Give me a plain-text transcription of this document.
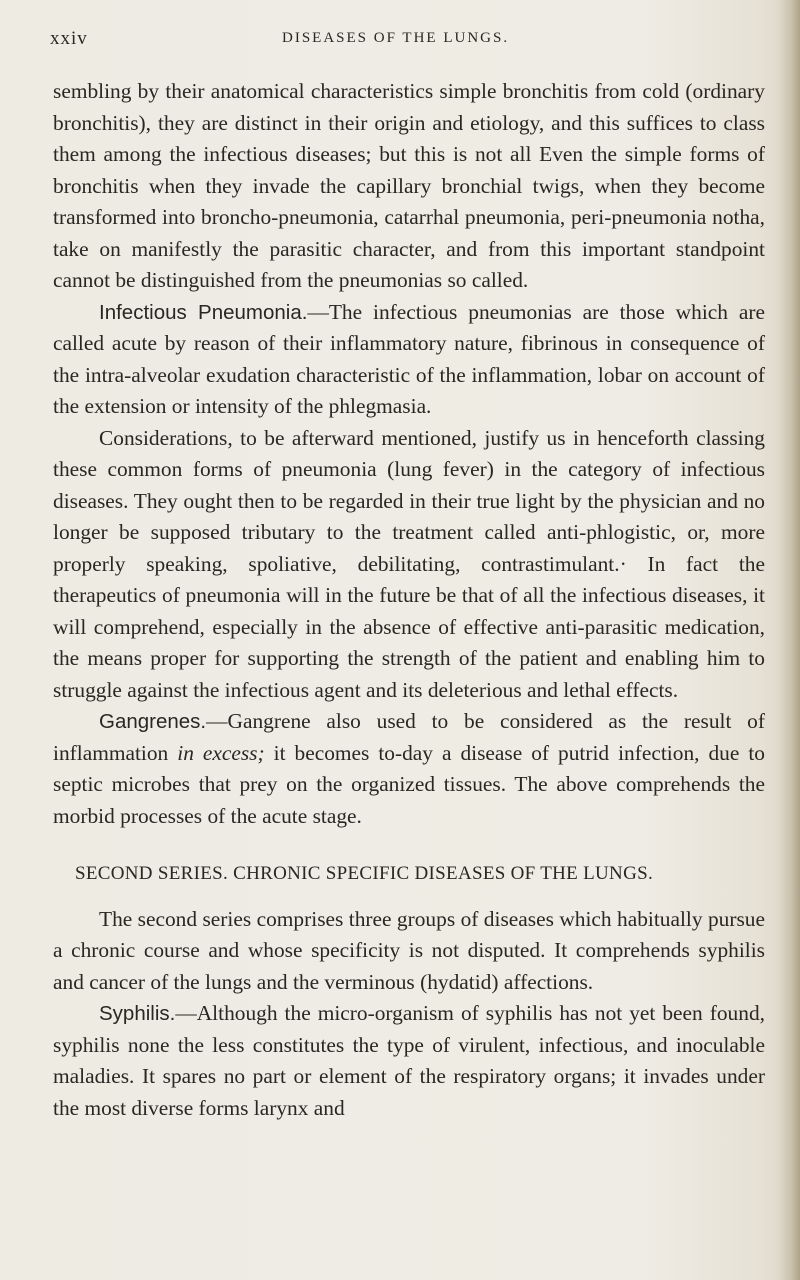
xxiv	DISEASES OF THE LUNGS.

sembling by their anatomical characteristics simple bronchitis from cold (ordinary bronchitis), they are distinct in their origin and etiology, and this suffices to class them among the infectious diseases; but this is not all Even the simple forms of bronchitis when they invade the capillary bronchial twigs, when they become transformed into broncho-pneumonia, catarrhal pneumonia, peri-pneumonia notha, take on manifestly the parasitic character, and from this important standpoint cannot be distinguished from the pneumonias so called.

Infectious Pneumonia.—The infectious pneumonias are those which are called acute by reason of their inflammatory nature, fibrinous in consequence of the intra-alveolar exudation characteristic of the inflammation, lobar on account of the extension or intensity of the phlegmasia.

Considerations, to be afterward mentioned, justify us in henceforth classing these common forms of pneumonia (lung fever) in the category of infectious diseases. They ought then to be regarded in their true light by the physician and no longer be supposed tributary to the treatment called anti-phlogistic, or, more properly speaking, spoliative, debilitating, contrastimulant.· In fact the therapeutics of pneumonia will in the future be that of all the infectious diseases, it will comprehend, especially in the absence of effective anti-parasitic medication, the means proper for supporting the strength of the patient and enabling him to struggle against the infectious agent and its deleterious and lethal effects.

Gangrenes.—Gangrene also used to be considered as the result of inflammation in excess; it becomes to-day a disease of putrid infection, due to septic microbes that prey on the organized tissues. The above comprehends the morbid processes of the acute stage.

SECOND SERIES. CHRONIC SPECIFIC DISEASES OF THE LUNGS.

The second series comprises three groups of diseases which habitually pursue a chronic course and whose specificity is not disputed. It comprehends syphilis and cancer of the lungs and the verminous (hydatid) affections.

Syphilis.—Although the micro-organism of syphilis has not yet been found, syphilis none the less constitutes the type of virulent, infectious, and inoculable maladies. It spares no part or element of the respiratory organs; it invades under the most diverse forms larynx and
